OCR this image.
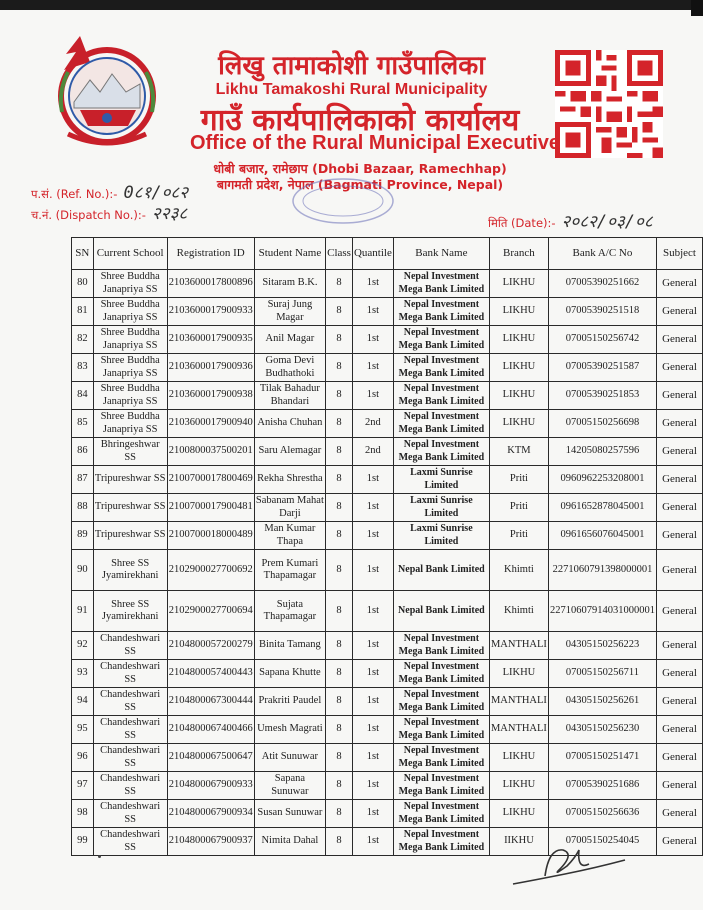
लिखु तामाकोशी गाउँपालिका
Likhu Tamakoshi Rural Municipality
गाउँ कार्यपालिकाको कार्यालय
Office of the Rural Municipal Executive
धोबी बजार, रामेछाप (Dhobi Bazaar, Ramechhap)
बागमती प्रदेश, नेपाल (Bagmati Province, Nepal)
प.सं. (Ref. No.):- 0८१/०८२
च.नं. (Dispatch No.):- २२३८	मिति (Date):- २०८२/०३/०८
SN	Current School	Registration ID	Student Name	Class	Quantile	Bank Name	Branch	Bank A/C No	Subject
80	Shree Buddha Janapriya SS	2103600017800896	Sitaram B.K.	8	1st	Nepal Investment Mega Bank Limited	LIKHU	07005390251662	General
81	Shree Buddha Janapriya SS	2103600017900933	Suraj Jung Magar	8	1st	Nepal Investment Mega Bank Limited	LIKHU	07005390251518	General
82	Shree Buddha Janapriya SS	2103600017900935	Anil Magar	8	1st	Nepal Investment Mega Bank Limited	LIKHU	07005150256742	General
83	Shree Buddha Janapriya SS	2103600017900936	Goma Devi Budhathoki	8	1st	Nepal Investment Mega Bank Limited	LIKHU	07005390251587	General
84	Shree Buddha Janapriya SS	2103600017900938	Tilak Bahadur Bhandari	8	1st	Nepal Investment Mega Bank Limited	LIKHU	07005390251853	General
85	Shree Buddha Janapriya SS	2103600017900940	Anisha Chuhan	8	2nd	Nepal Investment Mega Bank Limited	LIKHU	07005150256698	General
86	Bhringeshwar SS	2100800037500201	Saru Alemagar	8	2nd	Nepal Investment Mega Bank Limited	KTM	14205080257596	General
87	Tripureshwar SS	2100700017800469	Rekha Shrestha	8	1st	Laxmi Sunrise Limited	Priti	0960962253208001	General
88	Tripureshwar SS	2100700017900481	Sabanam Mahat Darji	8	1st	Laxmi Sunrise Limited	Priti	0961652878045001	General
89	Tripureshwar SS	2100700018000489	Man Kumar Thapa	8	1st	Laxmi Sunrise Limited	Priti	0961656076045001	General
90	Shree SS Jyamirekhani	2102900027700692	Prem Kumari Thapamagar	8	1st	Nepal Bank Limited	Khimti	2271060791398000001	General
91	Shree SS Jyamirekhani	2102900027700694	Sujata Thapamagar	8	1st	Nepal Bank Limited	Khimti	22710607914031000001	General
92	Chandeshwari SS	2104800057200279	Binita Tamang	8	1st	Nepal Investment Mega Bank Limited	MANTHALI	04305150256223	General
93	Chandeshwari SS	2104800057400443	Sapana Khutte	8	1st	Nepal Investment Mega Bank Limited	LIKHU	07005150256711	General
94	Chandeshwari SS	2104800067300444	Prakriti Paudel	8	1st	Nepal Investment Mega Bank Limited	MANTHALI	04305150256261	General
95	Chandeshwari SS	2104800067400466	Umesh Magrati	8	1st	Nepal Investment Mega Bank Limited	MANTHALI	04305150256230	General
96	Chandeshwari SS	2104800067500647	Atit Sunuwar	8	1st	Nepal Investment Mega Bank Limited	LIKHU	07005150251471	General
97	Chandeshwari SS	2104800067900933	Sapana Sunuwar	8	1st	Nepal Investment Mega Bank Limited	LIKHU	07005390251686	General
98	Chandeshwari SS	2104800067900934	Susan Sunuwar	8	1st	Nepal Investment Mega Bank Limited	LIKHU	07005150256636	General
99	Chandeshwari SS	2104800067900937	Nimita Dahal	8	1st	Nepal Investment Mega Bank Limited	IIKHU	07005150254045	General
